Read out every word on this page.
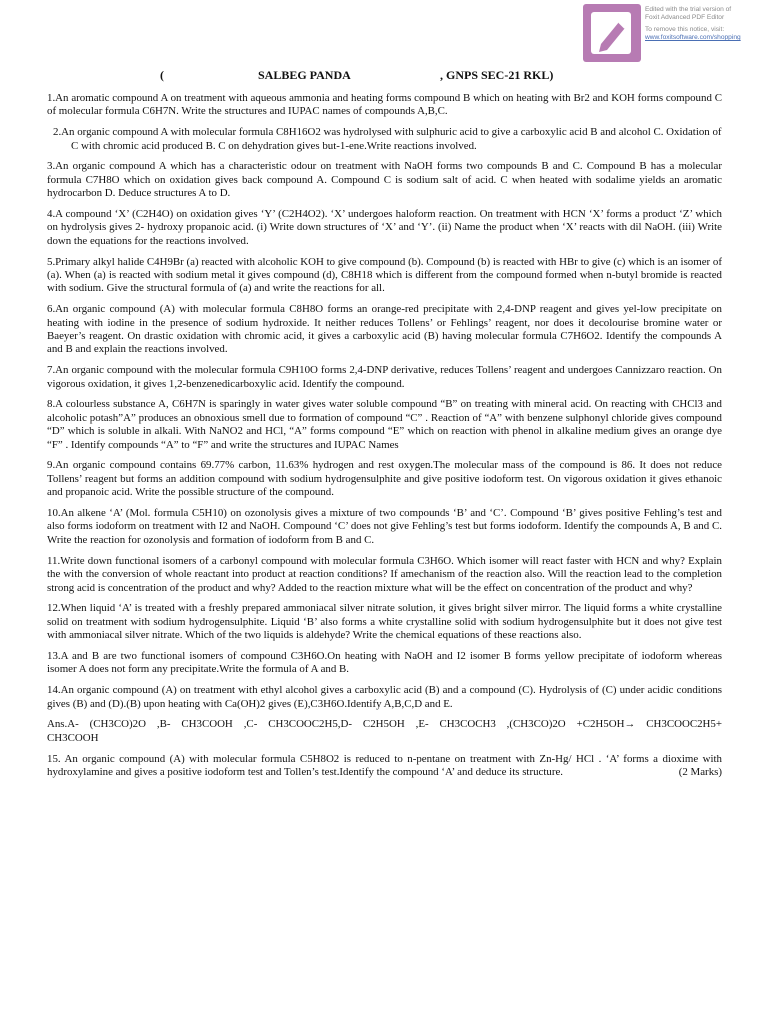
Edited with the trial version of
Foxit Advanced PDF Editor
To remove this notice, visit:
www.foxitsoftware.com/shopping
(	SALBEG PANDA	, GNPS SEC-21 RKL)

1.An aromatic compound A on treatment with aqueous ammonia and heating forms compound B which on heating with Br2 and KOH forms compound C of molecular formula C6H7N. Write the structures and IUPAC names of compounds A,B,C.

2.An organic compound A with molecular formula C8H16O2 was hydrolysed with sulphuric acid to give a carboxylic acid B and alcohol C. Oxidation of C with chromic acid produced B. C on dehydration gives but-1-ene.Write reactions involved.

3.An organic compound A which has a characteristic odour on treatment with NaOH forms two compounds B and C. Compound B has a molecular formula C7H8O which on oxidation gives back compound A. Compound C is sodium salt of acid. C when heated with sodalime yields an aromatic hydrocarbon D. Deduce structures A to D.

4.A compound ‘X’ (C2H4O) on oxidation gives ‘Y’ (C2H4O2). ‘X’ undergoes haloform reaction. On treatment with HCN ‘X’ forms a product ‘Z’ which on hydrolysis gives 2- hydroxy propanoic acid. (i) Write down structures of ‘X’ and ‘Y’. (ii) Name the product when ‘X’ reacts with dil NaOH. (iii) Write down the equations for the reactions involved.

5.Primary alkyl halide C4H9Br (a) reacted with alcoholic KOH to give compound (b). Compound (b) is reacted with HBr to give (c) which is an isomer of (a). When (a) is reacted with sodium metal it gives compound (d), C8H18 which is different from the compound formed when n-butyl bromide is reacted with sodium. Give the structural formula of (a) and write the reactions for all.

6.An organic compound (A) with molecular formula C8H8O forms an orange-red precipitate with 2,4-DNP reagent and gives yel-low precipitate on heating with iodine in the presence of sodium hydroxide. It neither reduces Tollens’ or Fehlings’ reagent, nor does it decolourise bromine water or Baeyer’s reagent. On drastic oxidation with chromic acid, it gives a carboxylic acid (B) having molecular formula C7H6O2. Identify the compounds A and B and explain the reactions involved.

7.An organic compound with the molecular formula C9H10O forms 2,4-DNP derivative, reduces Tollens’ reagent and undergoes Cannizzaro reaction. On vigorous oxidation, it gives 1,2-benzenedicarboxylic acid. Identify the compound.

8.A colourless substance A, C6H7N is sparingly in water gives water soluble compound “B” on treating with mineral acid. On reacting with CHCl3 and alcoholic potash”A” produces an obnoxious smell due to formation of compound “C” . Reaction of “A” with benzene sulphonyl chloride gives compound “D” which is soluble in alkali. With NaNO2 and HCl, “A” forms compound “E” which on reaction with phenol in alkaline medium gives an orange dye “F” . Identify compounds “A” to “F” and write the structures and IUPAC Names

9.An organic compound contains 69.77% carbon, 11.63% hydrogen and rest oxygen.The molecular mass of the compound is 86. It does not reduce Tollens’ reagent but forms an addition compound with sodium hydrogensulphite and give positive iodoform test. On vigorous oxidation it gives ethanoic and propanoic acid. Write the possible structure of the compound.

10.An alkene ‘A’ (Mol. formula C5H10) on ozonolysis gives a mixture of two compounds ‘B’ and ‘C’. Compound ‘B’ gives positive Fehling’s test and also forms iodoform on treatment with I2 and NaOH. Compound ‘C’ does not give Fehling’s test but forms iodoform. Identify the compounds A, B and C. Write the reaction for ozonolysis and formation of iodoform from B and C.

11.Write down functional isomers of a carbonyl compound with molecular formula C3H6O. Which isomer will react faster with HCN and why? Explain the with the conversion of whole reactant into product at reaction conditions? If amechanism of the reaction also. Will the reaction lead to the completion strong acid is concentration of the product and why? Added to the reaction mixture what will be the effect on concentration of the product and why?

12.When liquid ‘A’ is treated with a freshly prepared ammoniacal silver nitrate solution, it gives bright silver mirror. The liquid forms a white crystalline solid on treatment with sodium hydrogensulphite. Liquid ‘B’ also forms a white crystalline solid with sodium hydrogensulphite but it does not give test with ammoniacal silver nitrate. Which of the two liquids is aldehyde? Write the chemical equations of these reactions also.

13.A and B are two functional isomers of compound C3H6O.On heating with NaOH and I2 isomer B forms yellow precipitate of iodoform whereas isomer A does not form any precipitate.Write the formula of A and B.

14.An organic compound (A) on treatment with ethyl alcohol gives a carboxylic acid (B) and a compound (C). Hydrolysis of (C) under acidic conditions gives (B) and (D).(B) upon heating with Ca(OH)2 gives (E),C3H6O.Identify A,B,C,D and E.

Ans.A- (CH3CO)2O ,B- CH3COOH ,C- CH3COOC2H5,D- C2H5OH ,E- CH3COCH3 ,(CH3CO)2O +C2H5OH→ CH3COOC2H5+ CH3COOH

15. An organic compound (A) with molecular formula C5H8O2 is reduced to n-pentane on treatment with Zn-Hg/ HCl . ‘A’ forms a dioxime with hydroxylamine and gives a positive iodoform test and Tollen’s test.Identify the compound ‘A’ and deduce its structure.	(2 Marks)
